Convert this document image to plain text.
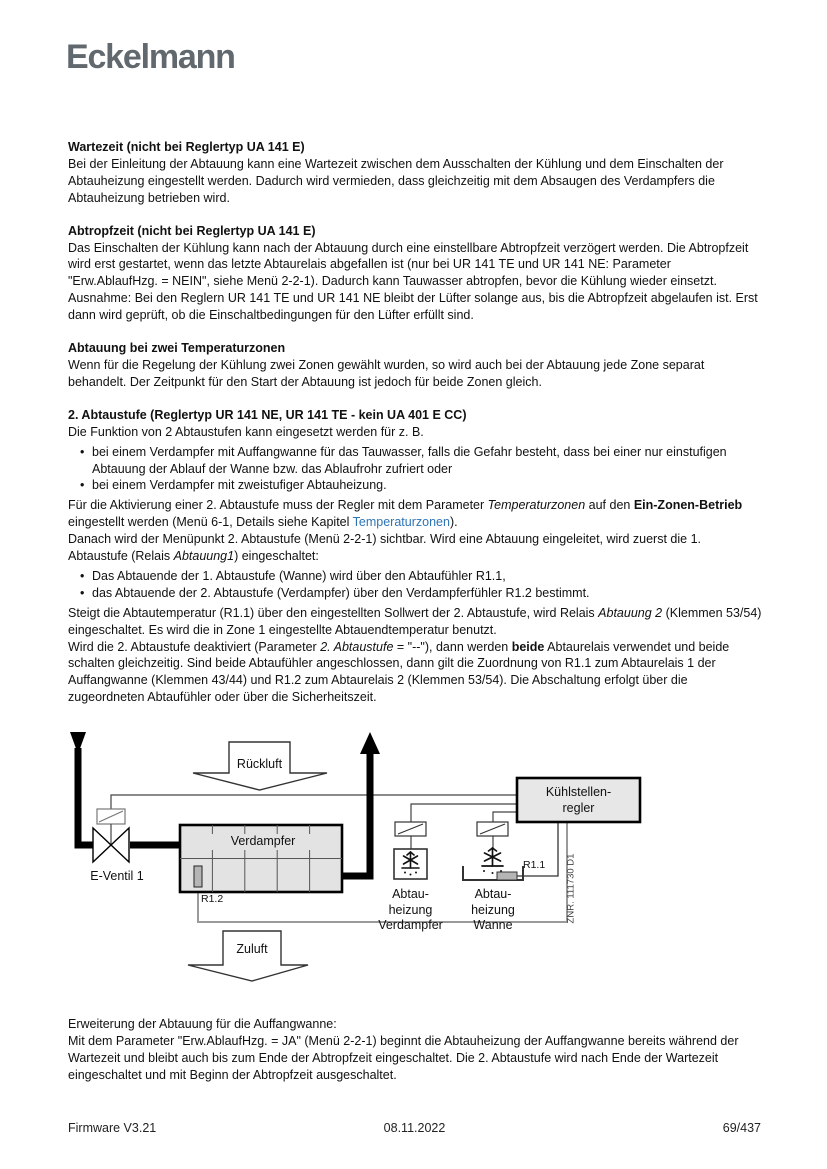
Eckelmann

Wartezeit (nicht bei Reglertyp UA 141 E)

Bei der Einleitung der Abtauung kann eine Wartezeit zwischen dem Ausschalten der Kühlung und dem Einschalten der Abtauheizung eingestellt werden. Dadurch wird vermieden, dass gleichzeitig mit dem Absaugen des Verdampfers die Abtauheizung betrieben wird.

Abtropfzeit (nicht bei Reglertyp UA 141 E)

Das Einschalten der Kühlung kann nach der Abtauung durch eine einstellbare Abtropfzeit verzögert werden. Die Abtropfzeit wird erst gestartet, wenn das letzte Abtaurelais abgefallen ist (nur bei UR 141 TE und UR 141 NE: Parameter "Erw.AblaufHzg. = NEIN", siehe Menü 2-2-1). Dadurch kann Tauwasser abtropfen, bevor die Kühlung wieder einsetzt.

Ausnahme: Bei den Reglern UR 141 TE und UR 141 NE bleibt der Lüfter solange aus, bis die Abtropfzeit abgelaufen ist. Erst dann wird geprüft, ob die Einschaltbedingungen für den Lüfter erfüllt sind.

Abtauung bei zwei Temperaturzonen

Wenn für die Regelung der Kühlung zwei Zonen gewählt wurden, so wird auch bei der Abtauung jede Zone separat behandelt. Der Zeitpunkt für den Start der Abtauung ist jedoch für beide Zonen gleich.

2. Abtaustufe (Reglertyp UR 141 NE, UR 141 TE - kein UA 401 E CC)

Die Funktion von 2 Abtaustufen kann eingesetzt werden für z. B.

• bei einem Verdampfer mit Auffangwanne für das Tauwasser, falls die Gefahr besteht, dass bei einer nur einstufigen Abtauung der Ablauf der Wanne bzw. das Ablaufrohr zufriert oder
• bei einem Verdampfer mit zweistufiger Abtauheizung.

Für die Aktivierung einer 2. Abtaustufe muss der Regler mit dem Parameter Temperaturzonen auf den Ein-Zonen-Betrieb eingestellt werden (Menü 6-1, Details siehe Kapitel Temperaturzonen).

Danach wird der Menüpunkt 2. Abtaustufe (Menü 2-2-1) sichtbar. Wird eine Abtauung eingeleitet, wird zuerst die 1. Abtaustufe (Relais Abtauung1) eingeschaltet:

• Das Abtauende der 1. Abtaustufe (Wanne) wird über den Abtaufühler R1.1,
• das Abtauende der 2. Abtaustufe (Verdampfer) über den Verdampferfühler R1.2 bestimmt.

Steigt die Abtautemperatur (R1.1) über den eingestellten Sollwert der 2. Abtaustufe, wird Relais Abtauung 2 (Klemmen 53/54) eingeschaltet. Es wird die in Zone 1 eingestellte Abtauendtemperatur benutzt.

Wird die 2. Abtaustufe deaktiviert (Parameter 2. Abtaustufe = "--"), dann werden beide Abtaurelais verwendet und beide schalten gleichzeitig. Sind beide Abtaufühler angeschlossen, dann gilt die Zuordnung von R1.1 zum Abtaurelais 1 der Auffangwanne (Klemmen 43/44) und R1.2 zum Abtaurelais 2 (Klemmen 53/54). Die Abschaltung erfolgt über die zugeordneten Abtaufühler oder über die Sicherheitszeit.

Rückluft
Zuluft
Verdampfer
E-Ventil 1
R1.2
R1.1
Kühlstellen-
regler
Abtau-
heizung
Verdampfer
Abtau-
heizung
Wanne
ZNR. 111730 D1

Erweiterung der Abtauung für die Auffangwanne:

Mit dem Parameter "Erw.AblaufHzg. = JA" (Menü 2-2-1) beginnt die Abtauheizung der Auffangwanne bereits während der Wartezeit und bleibt auch bis zum Ende der Abtropfzeit eingeschaltet. Die 2. Abtaustufe wird nach Ende der Wartezeit eingeschaltet und mit Beginn der Abtropfzeit ausgeschaltet.

Firmware V3.21	08.11.2022	69/437
